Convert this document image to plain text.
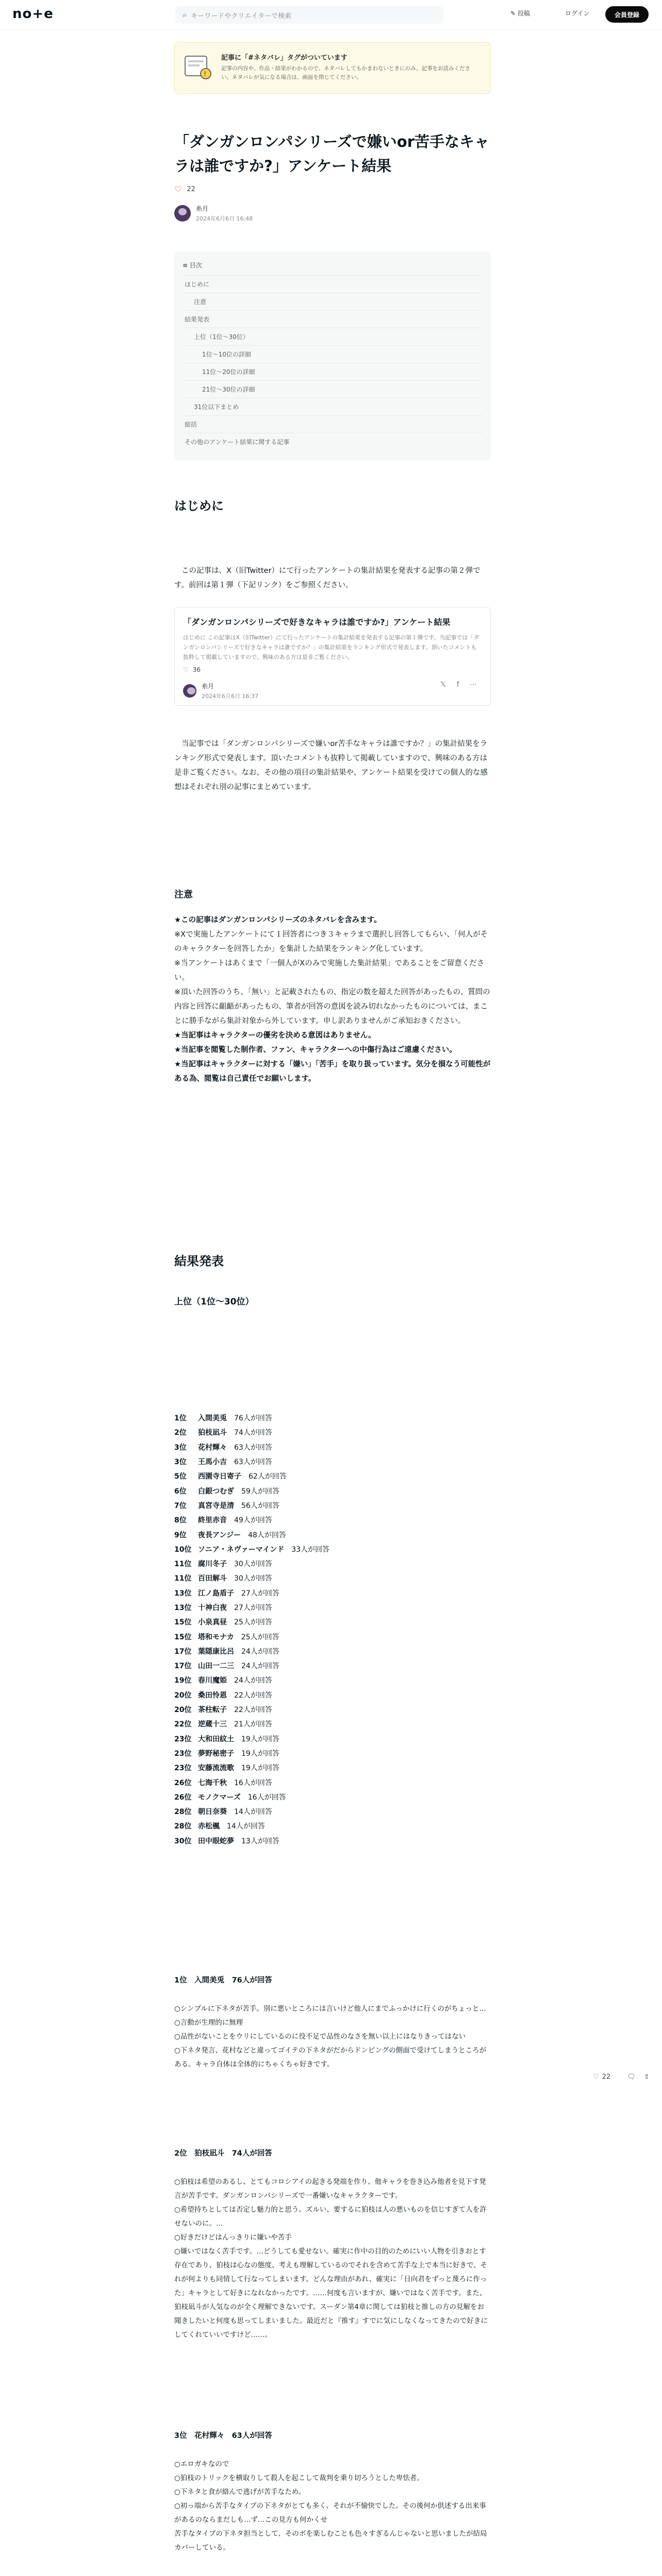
no+e	⌕ キーワードやクリエイターで検索	✎ 投稿	ログイン	会員登録
!
記事に「#ネタバレ」タグがついています
記事の内容や、作品・結果がわかるので、ネタバレしてもかまわないときにのみ、記事をお読みください。ネタバレが気になる場合は、画面を閉じてください。
「ダンガンロンパシリーズで嫌いor苦手なキャラは誰ですか?」アンケート結果
♡ 22
糸月
2024年6月6日 16:48
≡ 目次
はじめに
注意
結果発表
上位（1位〜30位）
1位〜10位の詳細
11位〜20位の詳細
21位〜30位の詳細
31位以下まとめ
総括
その他のアンケート結果に関する記事
はじめに

この記事は、X（旧Twitter）にて行ったアンケートの集計結果を発表する記事の第２弾です。前回は第１弾（下記リンク）をご参照ください。

「ダンガンロンパシリーズで好きなキャラは誰ですか?」アンケート結果
はじめに この記事はX（旧Twitter）にて行ったアンケートの集計結果を発表する記事の第１弾です。当記事では「ダンガンロンパシリーズで好きなキャラは誰ですか？」の集計結果をランキング形式で発表します。頂いたコメントも抜粋して掲載していますので、興味のある方は是非ご覧ください。
♡ 36
糸月
2024年6月6日 16:37
𝕏 f ⋯

当記事では「ダンガンロンパシリーズで嫌いor苦手なキャラは誰ですか？」の集計結果をランキング形式で発表します。頂いたコメントも抜粋して掲載していますので、興味のある方は是非ご覧ください。なお、その他の項目の集計結果や、アンケート結果を受けての個人的な感想はそれぞれ別の記事にまとめています。

注意

★この記事はダンガンロンパシリーズのネタバレを含みます。

※Xで実施したアンケートにて１回答者につき３キャラまで選択し回答してもらい、「何人がそのキャラクターを回答したか」を集計した結果をランキング化しています。

※当アンケートはあくまで「一個人がXのみで実施した集計結果」であることをご留意ください。

※頂いた回答のうち、「無い」と記載されたもの、指定の数を超えた回答があったもの、質問の内容と回答に齟齬があったもの、筆者が回答の意図を読み切れなかったものについては、まことに勝手ながら集計対象から外しています。申し訳ありませんがご承知おきください。

★当記事はキャラクターの優劣を決める意図はありません。

★当記事を閲覧した制作者、ファン、キャラクターへの中傷行為はご遠慮ください。

★当記事はキャラクターに対する「嫌い」「苦手」を取り扱っています。気分を損なう可能性がある為、閲覧は自己責任でお願いします。

結果発表
上位（1位〜30位）
1位	入間美兎 76人が回答
2位	狛枝凪斗 74人が回答
3位	花村輝々 63人が回答
3位	王馬小吉 63人が回答
5位	西園寺日寄子 62人が回答
6位	白銀つむぎ 59人が回答
7位	真宮寺是清 56人が回答
8位	終里赤音 49人が回答
9位	夜長アンジー 48人が回答
10位 ソニア・ネヴァーマインド 33人が回答
11位 腐川冬子 30人が回答
11位 百田解斗 30人が回答
13位 江ノ島盾子 27人が回答
13位 十神白夜 27人が回答
15位 小泉真昼 25人が回答
15位 塔和モナカ 25人が回答
17位 葉隠康比呂 24人が回答
17位 山田一二三 24人が回答
19位 春川魔姫 24人が回答
20位 桑田怜恩 22人が回答
20位 茶柱転子 22人が回答
22位 逆蔵十三 21人が回答
23位 大和田紋土 19人が回答
23位 夢野秘密子 19人が回答
23位 安藤流流歌 19人が回答
26位 七海千秋 16人が回答
26位 モノクマーズ 16人が回答
28位 朝日奈葵 14人が回答
28位 赤松楓 14人が回答
30位 田中眼蛇夢 13人が回答
1位　入間美兎　76人が回答
○シンプルに下ネタが苦手。別に悪いところには言いけど他人にまでふっかけに行くのがちょっと…
○言動が生理的に無理
○品性がないことをウリにしているのに役不足で品性のなさを無い以上にはなりきってはない
○下ネタ発言、花村などと違ってゴイテの下ネタがだからドンピングの側面で受けてしまうところがある。キャラ自体は全体的にちゃくちゃ好きです。
2位　狛枝凪斗　74人が回答
○狛枝は希望のあるし、とてもコロシアイの起きる発端を作り、他キャラを巻き込み他者を見下す発言が苦手です。ダンガンロンパシリーズで一番嫌いなキャラクターです。
○希望持ちとしては否定し魅力的と思う。ズルい、要するに狛枝は人の悪いものを信じすぎて人を許せないのに。…
○好きだけどはんっきりに嫌いや苦手
○嫌いではなく苦手です。…どうしても愛せない。確実に作中の目的のためにいい人物を引きおとす存在であり、狛枝は心なの態度、考えも理解しているのでそれを含めて苦手な上で本当に好きで、それが何よりも同情して行なってしまいます。どんな理由があれ、確実に「日向君をずっと蔑ろに作った」キャラとして好きになれなかったです。……何度も言いますが、嫌いではなく苦手です。また、狛枝凪斗が人気なのが全く理解できないです。スーダン第4章に関しては狛枝と推しの方の見解をお聞きしたいと何度も思ってしまいました。最近だと『推す』すでに気にしなくなってきたので好きにしてくれていいですけど……。
3位　花村輝々　63人が回答
○エロガキなので
○狛枝のトリックを横取りして殺人を起こして裁判を乗り切ろうとした卑怯者。
○下ネタと食が絡んで逃げが苦手なため。
○初っ端から苦手なタイプの下ネタがとても多く、それが不愉快でした。その後何か供述する出来事があるのならまだしも…ず…この見方も何かくせ
苦手なタイプの下ネタ担当として、そのボを楽しむことも色々すぎるんじゃないと思いましたが結局カバーしている。
♡ 22	🗨 ⇪
